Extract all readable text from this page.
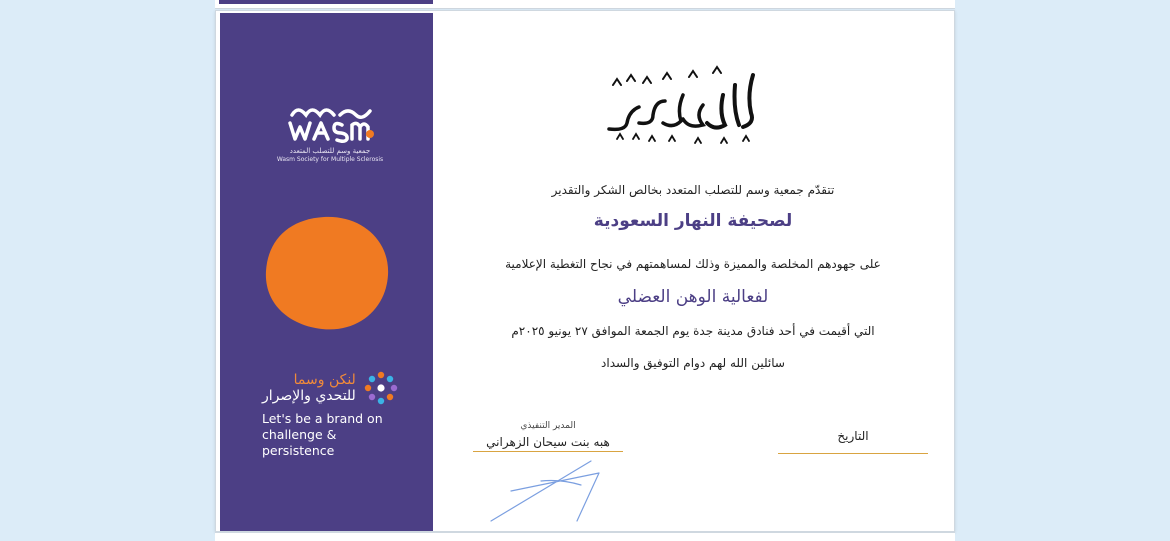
جمعية وسم للتصلب المتعدد
Wasm Society for Multiple Sclerosis
لنكن وسما
للتحدي والإصرار
Let's be a brand on challenge & persistence
شكر وتقدير
تتقدّم جمعية وسم للتصلب المتعدد بخالص الشكر والتقدير
لصحيفة النهار السعودية
على جهودهم المخلصة والمميزة وذلك لمساهمتهم في نجاح التغطية الإعلامية
لفعالية الوهن العضلي
التي أقيمت في أحد فنادق مدينة جدة يوم الجمعة الموافق ٢٧ يونيو ٢٠٢٥م
سائلين الله لهم دوام التوفيق والسداد
المدير التنفيذي
هبه بنت سيحان الزهراني	التاريخ
